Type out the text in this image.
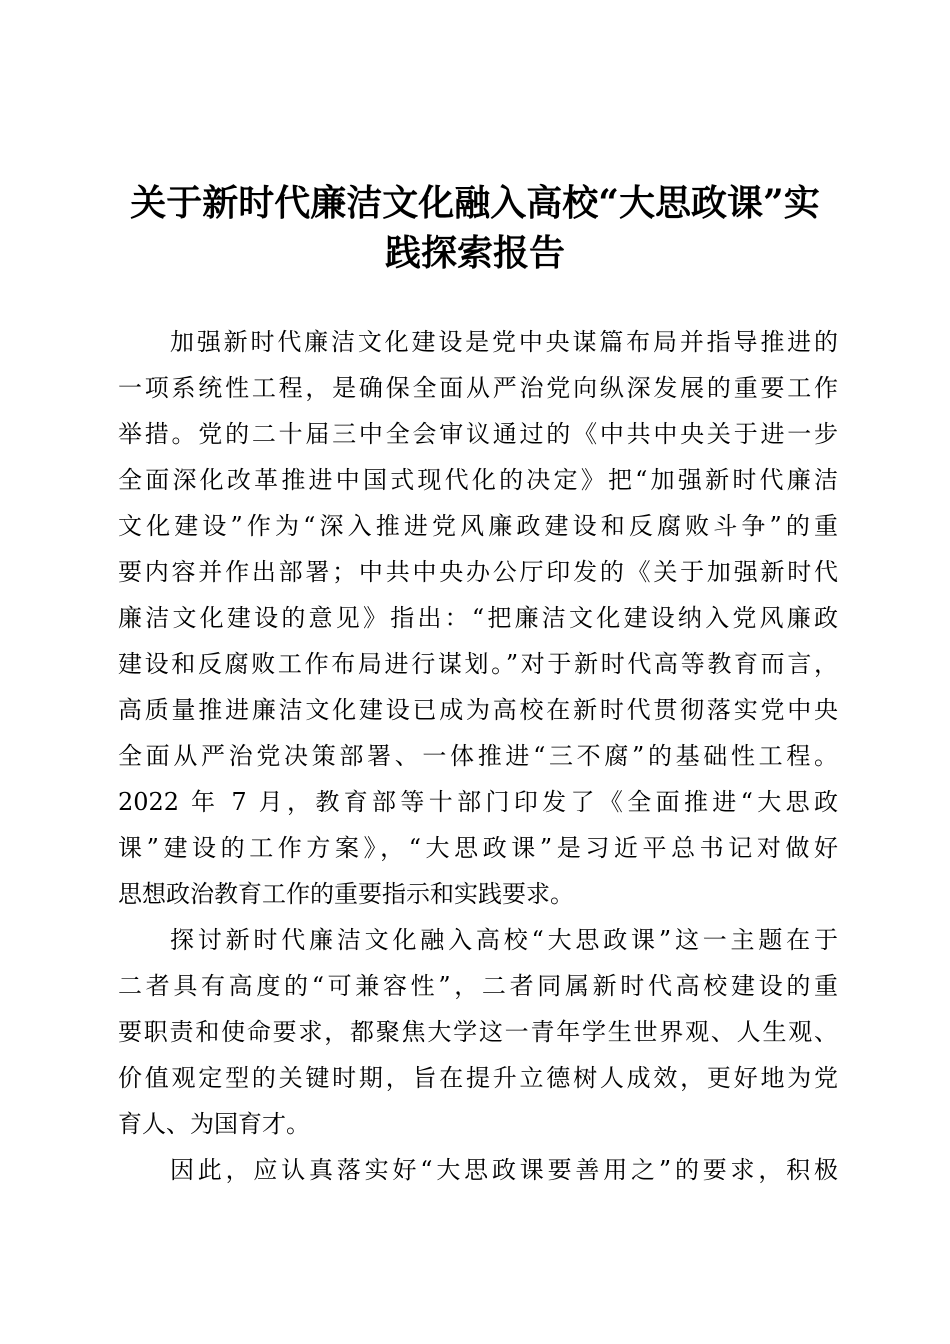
关于新时代廉洁文化融入高校“大思政课”实
践探索报告
加强新时代廉洁文化建设是党中央谋篇布局并指导推进的
一项系统性工程，是确保全面从严治党向纵深发展的重要工作
举措。党的二十届三中全会审议通过的《中共中央关于进一步
全面深化改革推进中国式现代化的决定》把“加强新时代廉洁
文化建设”作为“深入推进党风廉政建设和反腐败斗争”的重
要内容并作出部署；中共中央办公厅印发的《关于加强新时代
廉洁文化建设的意见》指出：“把廉洁文化建设纳入党风廉政
建设和反腐败工作布局进行谋划。”对于新时代高等教育而言，
高质量推进廉洁文化建设已成为高校在新时代贯彻落实党中央
全面从严治党决策部署、一体推进“三不腐”的基础性工程。
2022 年 7 月，教育部等十部门印发了《全面推进“大思政
课”建设的工作方案》，“大思政课”是习近平总书记对做好
思想政治教育工作的重要指示和实践要求。
探讨新时代廉洁文化融入高校“大思政课”这一主题在于
二者具有高度的“可兼容性”，二者同属新时代高校建设的重
要职责和使命要求，都聚焦大学这一青年学生世界观、人生观、
价值观定型的关键时期，旨在提升立德树人成效，更好地为党
育人、为国育才。
因此，应认真落实好“大思政课要善用之”的要求，积极
